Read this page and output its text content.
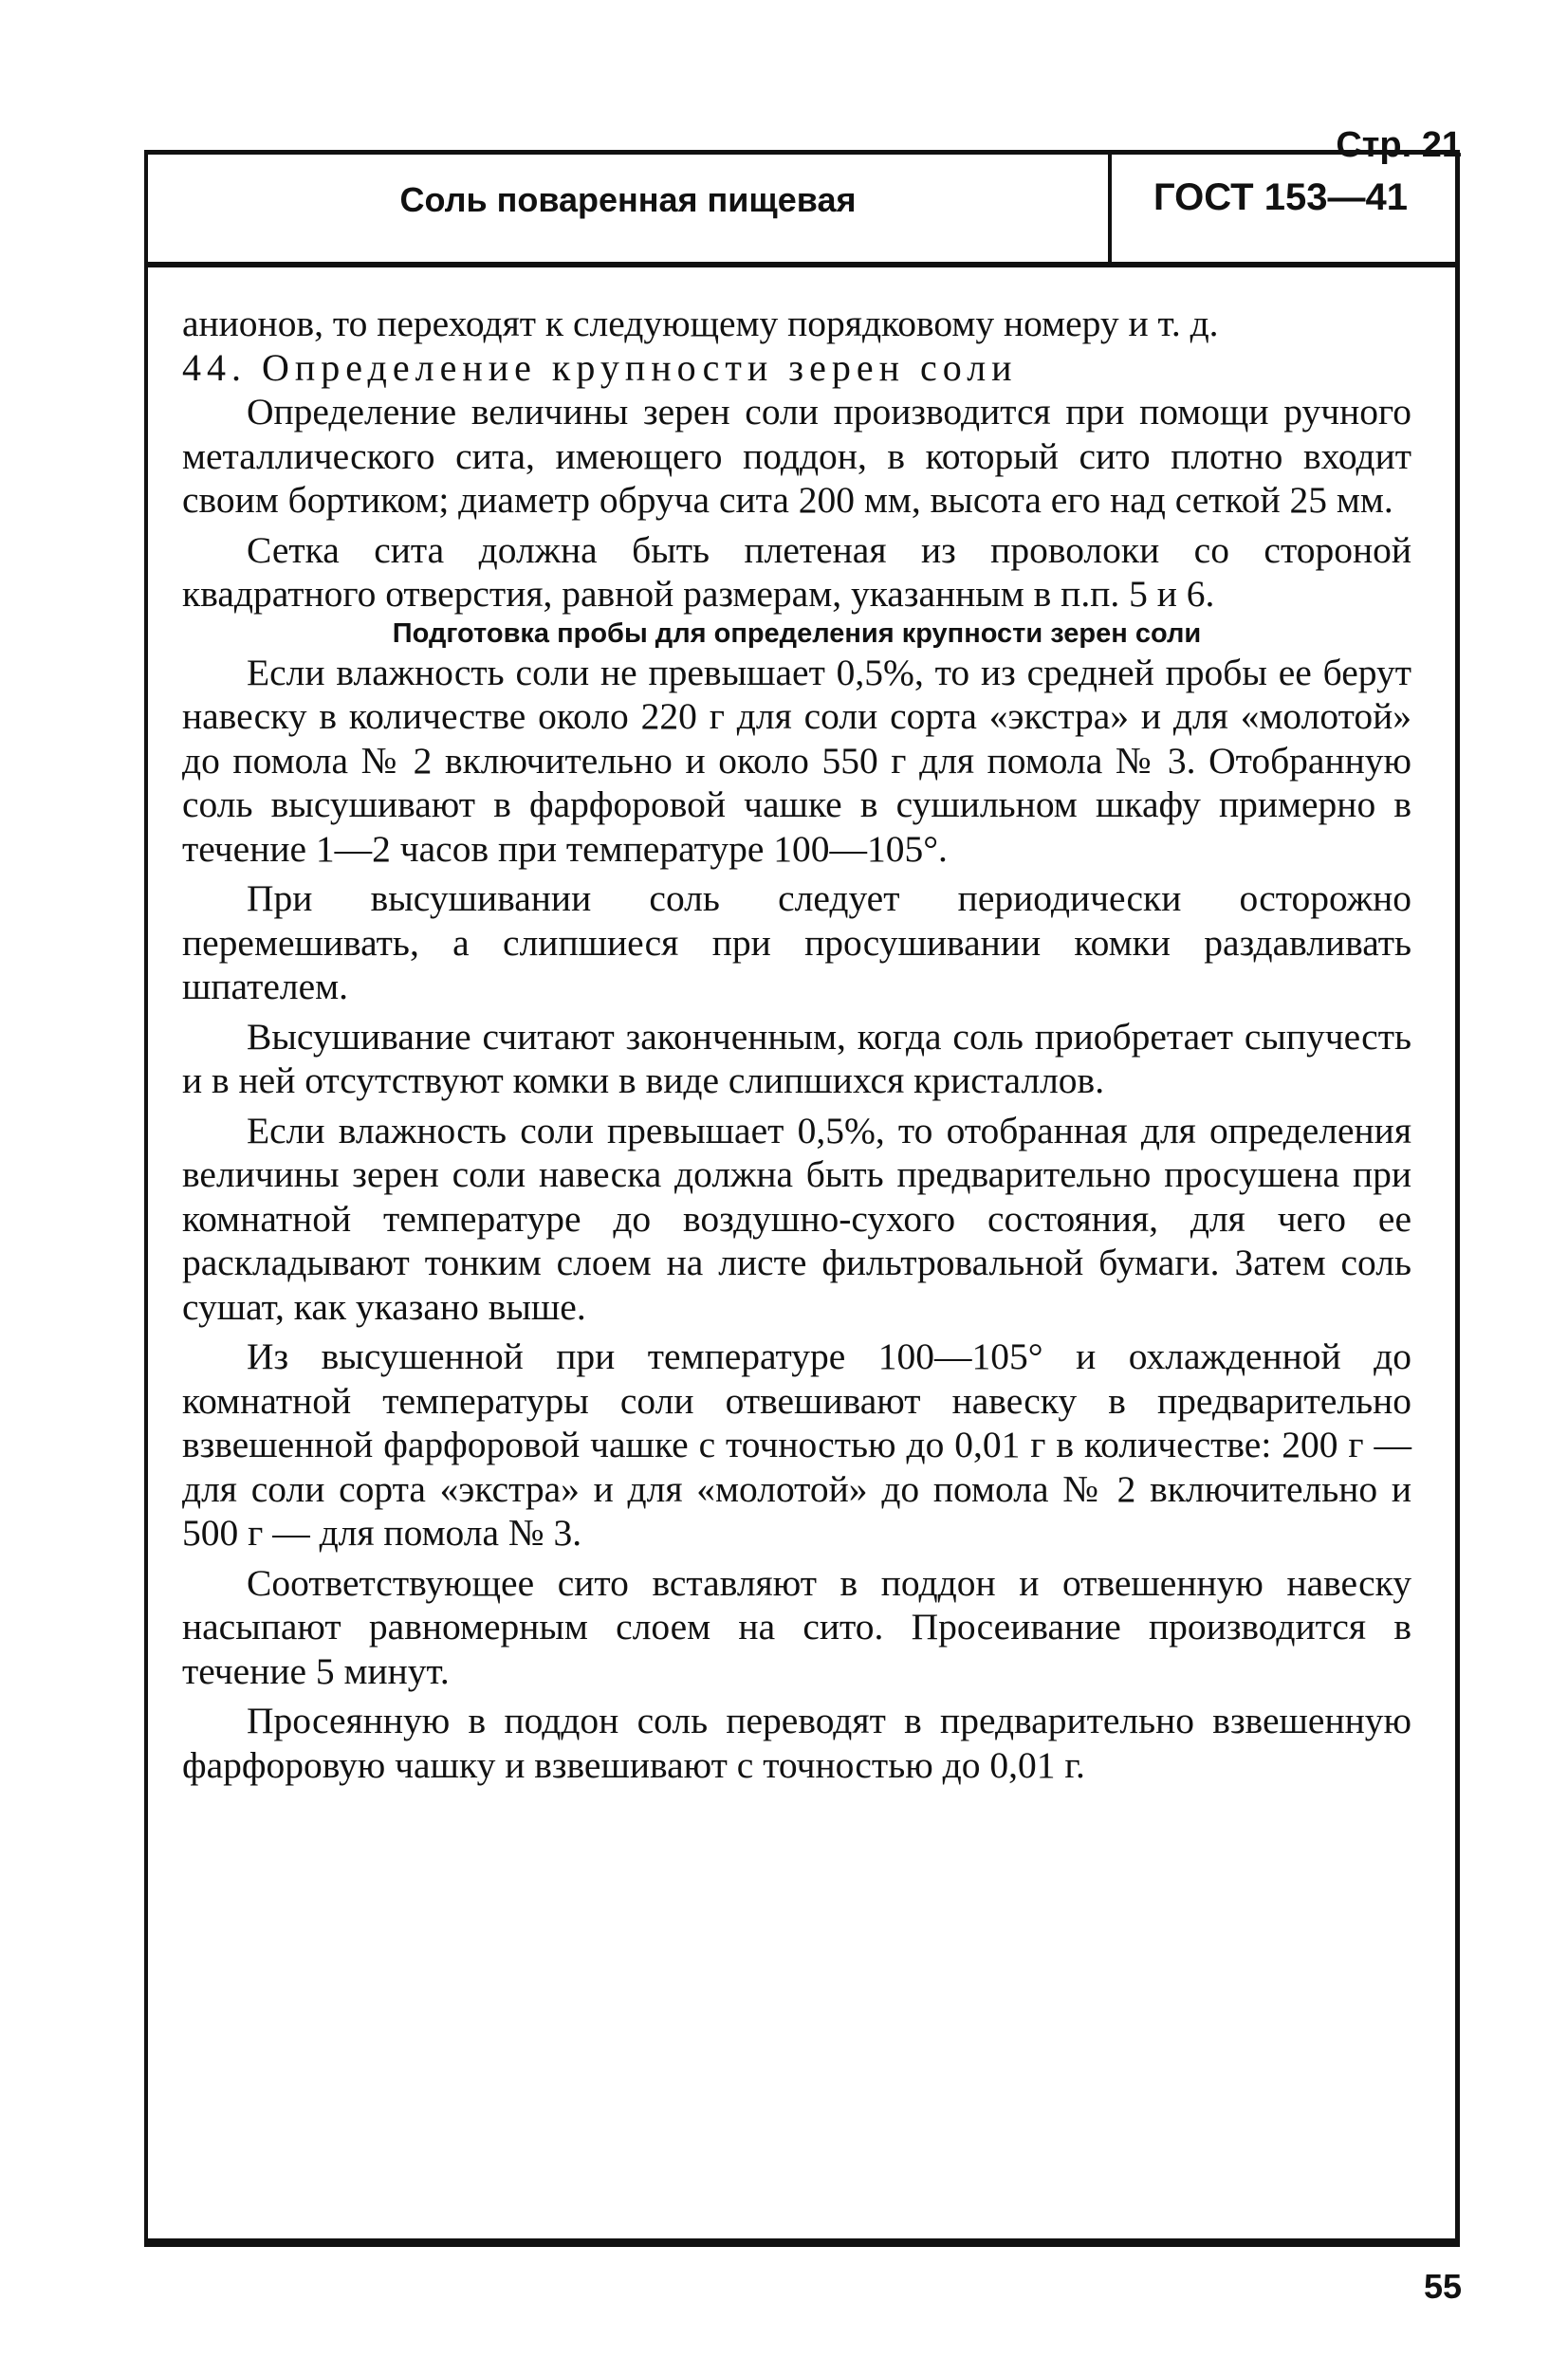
Стр. 21
Соль поваренная пищевая	ГОСТ 153—41

анионов, то переходят к следующему порядковому номеру и т. д.

44. Определение крупности зерен соли

Определение величины зерен соли производится при помощи ручного металлического сита, имеющего поддон, в который сито плотно входит своим бортиком; диаметр обруча сита 200 мм, высота его над сеткой 25 мм.

Сетка сита должна быть плетеная из проволоки со стороной квадратного отверстия, равной размерам, указанным в п.п. 5 и 6.

Подготовка пробы для определения крупности зерен соли

Если влажность соли не превышает 0,5%, то из средней пробы ее берут навеску в количестве около 220 г для соли сорта «экстра» и для «молотой» до помола № 2 включительно и около 550 г для помола № 3. Отобранную соль высушивают в фарфоровой чашке в сушильном шкафу примерно в течение 1—2 часов при температуре 100—105°.

При высушивании соль следует периодически осторожно перемешивать, а слипшиеся при просушивании комки раздавливать шпателем.

Высушивание считают законченным, когда соль приобретает сыпучесть и в ней отсутствуют комки в виде слипшихся кристаллов.

Если влажность соли превышает 0,5%, то отобранная для определения величины зерен соли навеска должна быть предварительно просушена при комнатной температуре до воздушно-сухого состояния, для чего ее раскладывают тонким слоем на листе фильтровальной бумаги. Затем соль сушат, как указано выше.

Из высушенной при температуре 100—105° и охлажденной до комнатной температуры соли отвешивают навеску в предварительно взвешенной фарфоровой чашке с точностью до 0,01 г в количестве: 200 г — для соли сорта «экстра» и для «молотой» до помола № 2 включительно и 500 г — для помола № 3.

Соответствующее сито вставляют в поддон и отвешенную навеску насыпают равномерным слоем на сито. Просеивание производится в течение 5 минут.

Просеянную в поддон соль переводят в предварительно взвешенную фарфоровую чашку и взвешивают с точностью до 0,01 г.

55
